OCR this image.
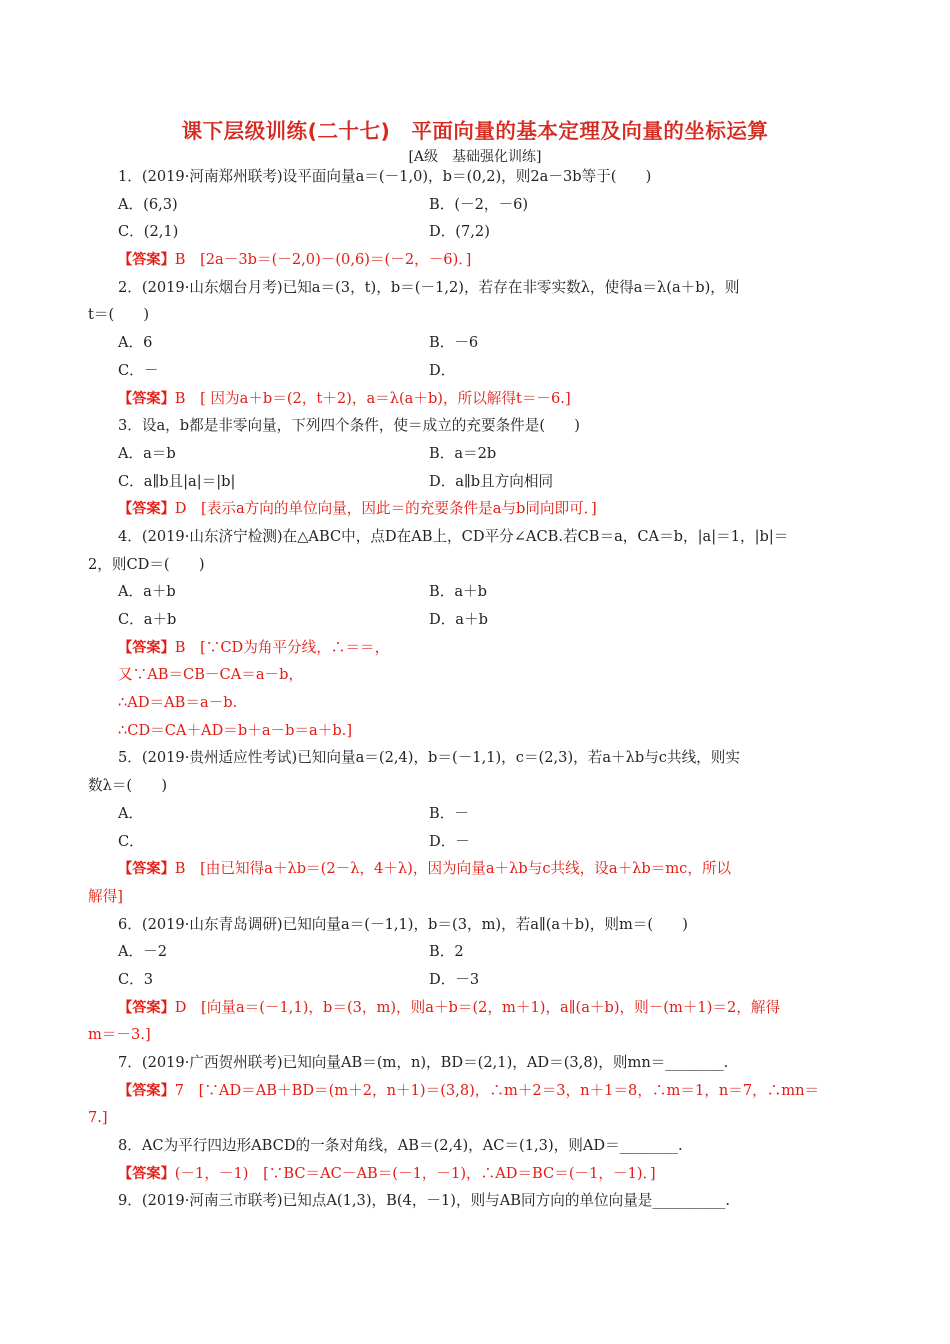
课下层级训练(二十七)　平面向量的基本定理及向量的坐标运算
[A级　基础强化训练]
1．(2019·河南郑州联考)设平面向量a＝(－1,0)，b＝(0,2)，则2a－3b等于(　　)
A．(6,3)	B．(－2，－6)
C．(2,1)	D．(7,2)
【答案】B　[2a－3b＝(－2,0)－(0,6)＝(－2，－6)．]
2．(2019·山东烟台月考)已知a＝(3，t)，b＝(－1,2)，若存在非零实数λ，使得a＝λ(a＋b)，则
t＝(　　)
A．6	B．－6
C．－	D．
【答案】B　[ 因为a＋b＝(2，t＋2)，a＝λ(a＋b)，所以解得t＝－6.]
3．设a，b都是非零向量，下列四个条件，使＝成立的充要条件是(　　)
A．a＝b	B．a＝2b
C．a∥b且|a|＝|b|	D．a∥b且方向相同
【答案】D　[表示a方向的单位向量，因此＝的充要条件是a与b同向即可．]
4．(2019·山东济宁检测)在△ABC中，点D在AB上，CD平分∠ACB.若CB＝a，CA＝b，|a|＝1，|b|＝
2，则CD＝(　　)
A．a＋b	B．a＋b
C．a＋b	D．a＋b
【答案】B　[∵CD为角平分线，∴＝＝，
又∵AB＝CB－CA＝a－b，
∴AD＝AB＝a－b.
∴CD＝CA＋AD＝b＋a－b＝a＋b.]
5．(2019·贵州适应性考试)已知向量a＝(2,4)，b＝(－1,1)，c＝(2,3)，若a＋λb与c共线，则实
数λ＝(　　)
A．	B．－
C．	D．－
【答案】B　[由已知得a＋λb＝(2－λ，4＋λ)，因为向量a＋λb与c共线，设a＋λb＝mc，所以
解得]
6．(2019·山东青岛调研)已知向量a＝(－1,1)，b＝(3，m)，若a∥(a＋b)，则m＝(　　)
A．－2	B．2
C．3	D．－3
【答案】D　[向量a＝(－1,1)，b＝(3，m)，则a＋b＝(2，m＋1)，a∥(a＋b)，则－(m＋1)＝2，解得
m＝－3.]
7．(2019·广西贺州联考)已知向量AB＝(m，n)，BD＝(2,1)，AD＝(3,8)，则mn＝________.
【答案】7　[∵AD＝AB＋BD＝(m＋2，n＋1)＝(3,8)，∴m＋2＝3，n＋1＝8，∴m＝1，n＝7，∴mn＝
7.]
8．AC为平行四边形ABCD的一条对角线，AB＝(2,4)，AC＝(1,3)，则AD＝________.
【答案】(－1，－1)　[∵BC＝AC－AB＝(－1，－1)，∴AD＝BC＝(－1，－1)．]
9．(2019·河南三市联考)已知点A(1,3)，B(4，－1)，则与AB同方向的单位向量是__________.
